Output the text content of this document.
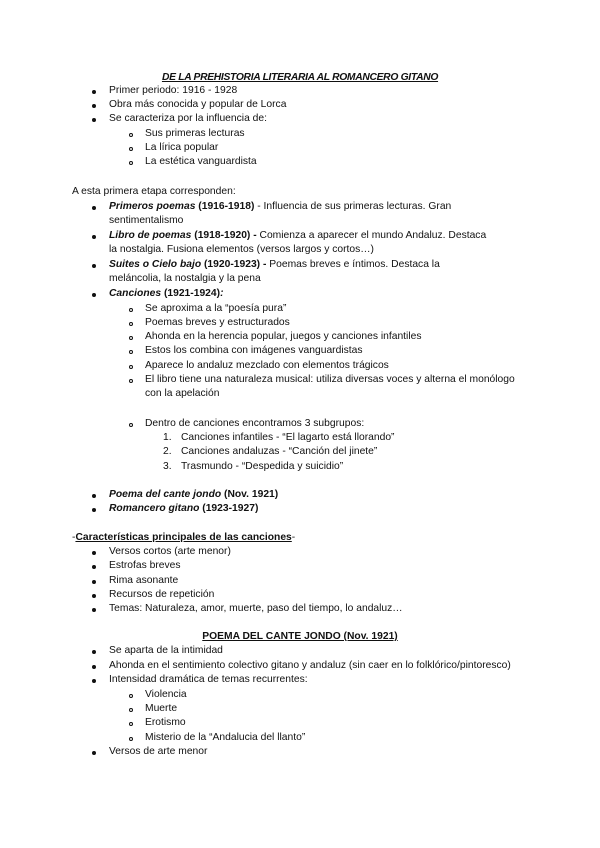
DE LA PREHISTORIA LITERARIA AL ROMANCERO GITANO
Primer periodo: 1916 - 1928
Obra más conocida y popular de Lorca
Se caracteriza por la influencia de:
Sus primeras lecturas
La lírica popular
La estética vanguardista
A esta primera etapa corresponden:
Primeros poemas (1916-1918) - Influencia de sus primeras lecturas. Gran sentimentalismo
Libro de poemas (1918-1920) - Comienza a aparecer el mundo Andaluz. Destaca la nostalgia. Fusiona elementos (versos largos y cortos…)
Suites o Cielo bajo (1920-1923) - Poemas breves e íntimos. Destaca la meláncolia, la nostalgia y la pena
Canciones (1921-1924):
Se aproxima a la “poesía pura”
Poemas breves y estructurados
Ahonda en la herencia popular, juegos y canciones infantiles
Estos los combina con imágenes vanguardistas
Aparece lo andaluz mezclado con elementos trágicos
El libro tiene una naturaleza musical: utiliza diversas voces y alterna el monólogo con la apelación
Dentro de canciones encontramos 3 subgrupos:
1. Canciones infantiles - “El lagarto está llorando”
2. Canciones andaluzas - “Canción del jinete”
3. Trasmundo - “Despedida y suicidio”
Poema del cante jondo (Nov. 1921)
Romancero gitano (1923-1927)
-Características principales de las canciones-
Versos cortos (arte menor)
Estrofas breves
Rima asonante
Recursos de repetición
Temas: Naturaleza, amor, muerte, paso del tiempo, lo andaluz…
POEMA DEL CANTE JONDO (Nov. 1921)
Se aparta de la intimidad
Ahonda en el sentimiento colectivo gitano y andaluz (sin caer en lo folklórico/pintoresco)
Intensidad dramática de temas recurrentes:
Violencia
Muerte
Erotismo
Misterio de la “Andalucia del llanto”
Versos de arte menor
